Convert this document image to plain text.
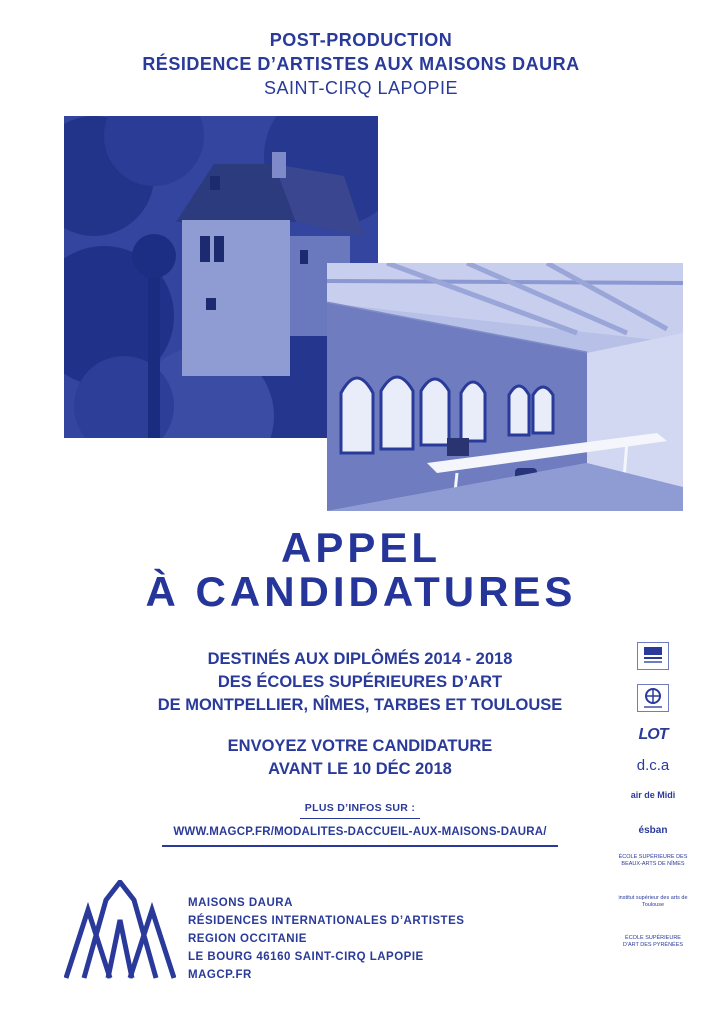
POST-PRODUCTION
RÉSIDENCE D’ARTISTES AUX MAISONS DAURA
SAINT-CIRQ LAPOPIE
APPEL
À CANDIDATURES
DESTINÉS AUX DIPLÔMÉS 2014 - 2018
DES ÉCOLES SUPÉRIEURES D’ART
DE MONTPELLIER, NÎMES, TARBES ET TOULOUSE
ENVOYEZ VOTRE CANDIDATURE
AVANT LE 10 DÉC 2018
PLUS D’INFOS SUR :
WWW.MAGCP.FR/MODALITES-DACCUEIL-AUX-MAISONS-DAURA/
MAISONS DAURA
RÉSIDENCES INTERNATIONALES D’ARTISTES
REGION OCCITANIE
LE BOURG 46160 SAINT-CIRQ LAPOPIE
MAGCP.FR
LOT
d.c.a
air de Midi
ésban
ÉCOLE SUPÉRIEURE DES BEAUX-ARTS DE NÎMES
institut supérieur des arts de Toulouse
ÉCOLE SUPÉRIEURE D'ART DES PYRÉNÉES
